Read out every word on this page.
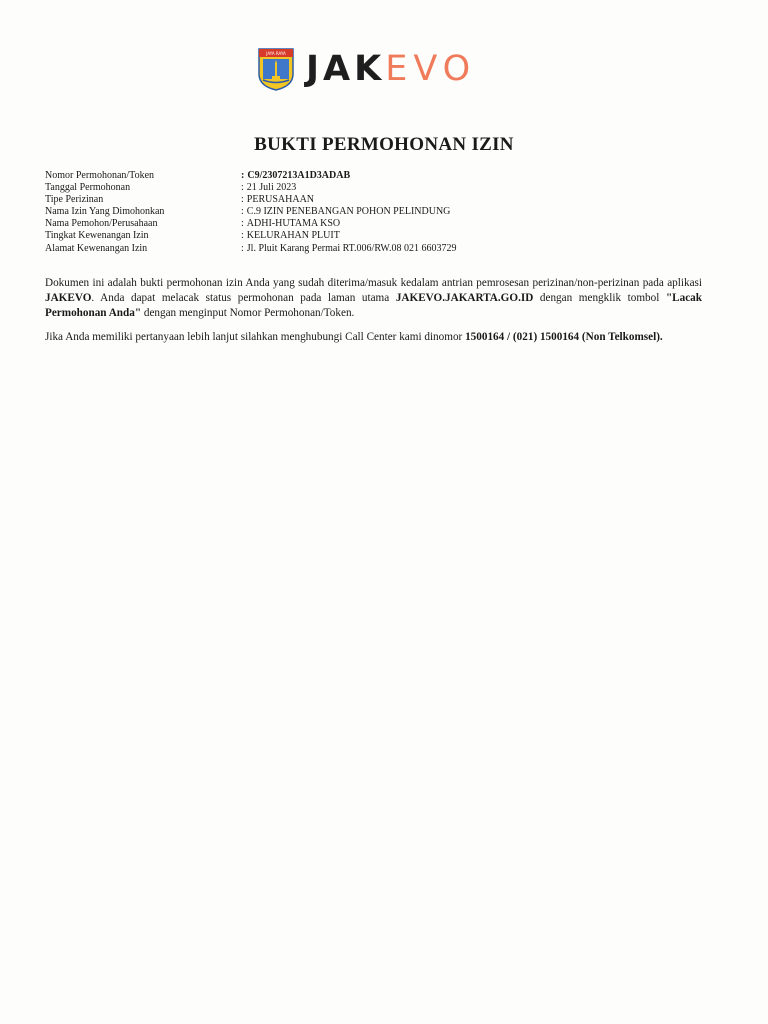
JAYA RAYA JAKEVO
BUKTI PERMOHONAN IZIN
Nomor Permohonan/Token	: C9/2307213A1D3ADAB
Tanggal Permohonan	: 21 Juli 2023
Tipe Perizinan	: PERUSAHAAN
Nama Izin Yang Dimohonkan	: C.9 IZIN PENEBANGAN POHON PELINDUNG
Nama Pemohon/Perusahaan	: ADHI-HUTAMA KSO
Tingkat Kewenangan Izin	: KELURAHAN PLUIT
Alamat Kewenangan Izin	: Jl. Pluit Karang Permai RT.006/RW.08 021 6603729
Dokumen ini adalah bukti permohonan izin Anda yang sudah diterima/masuk kedalam antrian pemrosesan perizinan/non-perizinan pada aplikasi JAKEVO. Anda dapat melacak status permohonan pada laman utama JAKEVO.JAKARTA.GO.ID dengan mengklik tombol "Lacak Permohonan Anda" dengan menginput Nomor Permohonan/Token.
Jika Anda memiliki pertanyaan lebih lanjut silahkan menghubungi Call Center kami dinomor 1500164 / (021) 1500164 (Non Telkomsel).
